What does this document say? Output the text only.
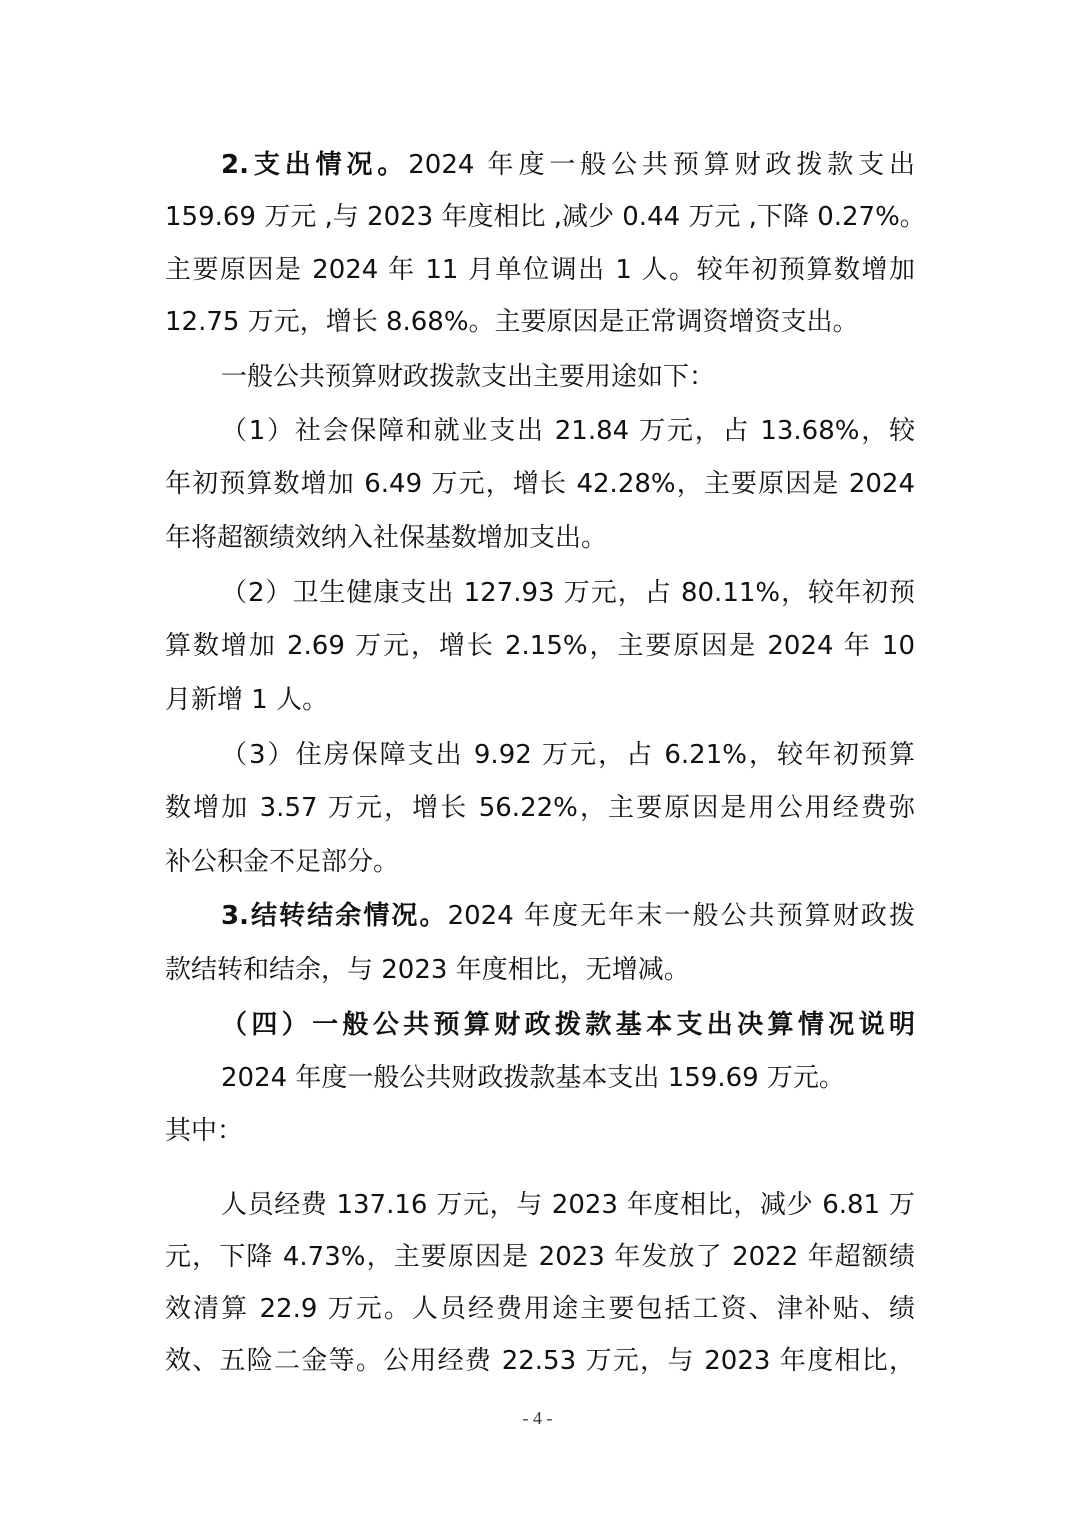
2.支出情况。2024 年度一般公共预算财政拨款支出
159.69 万元 ,与 2023 年度相比 ,减少 0.44 万元 ,下降 0.27%。
主要原因是 2024 年 11 月单位调出 1 人。较年初预算数增加
12.75 万元，增长 8.68%。主要原因是正常调资增资支出。
一般公共预算财政拨款支出主要用途如下：
（1）社会保障和就业支出 21.84 万元，占 13.68%，较
年初预算数增加 6.49 万元，增长 42.28%，主要原因是 2024
年将超额绩效纳入社保基数增加支出。
（2）卫生健康支出 127.93 万元，占 80.11%，较年初预
算数增加 2.69 万元，增长 2.15%，主要原因是 2024 年 10
月新增 1 人。
（3）住房保障支出 9.92 万元，占 6.21%，较年初预算
数增加 3.57 万元，增长 56.22%，主要原因是用公用经费弥
补公积金不足部分。
3.结转结余情况。2024 年度无年末一般公共预算财政拨
款结转和结余，与 2023 年度相比，无增减。
（四）一般公共预算财政拨款基本支出决算情况说明
2024 年度一般公共财政拨款基本支出 159.69 万元。
其中：
人员经费 137.16 万元，与 2023 年度相比，减少 6.81 万
元，下降 4.73%，主要原因是 2023 年发放了 2022 年超额绩
效清算 22.9 万元。人员经费用途主要包括工资、津补贴、绩
效、五险二金等。公用经费 22.53 万元，与 2023 年度相比，
- 4 -
